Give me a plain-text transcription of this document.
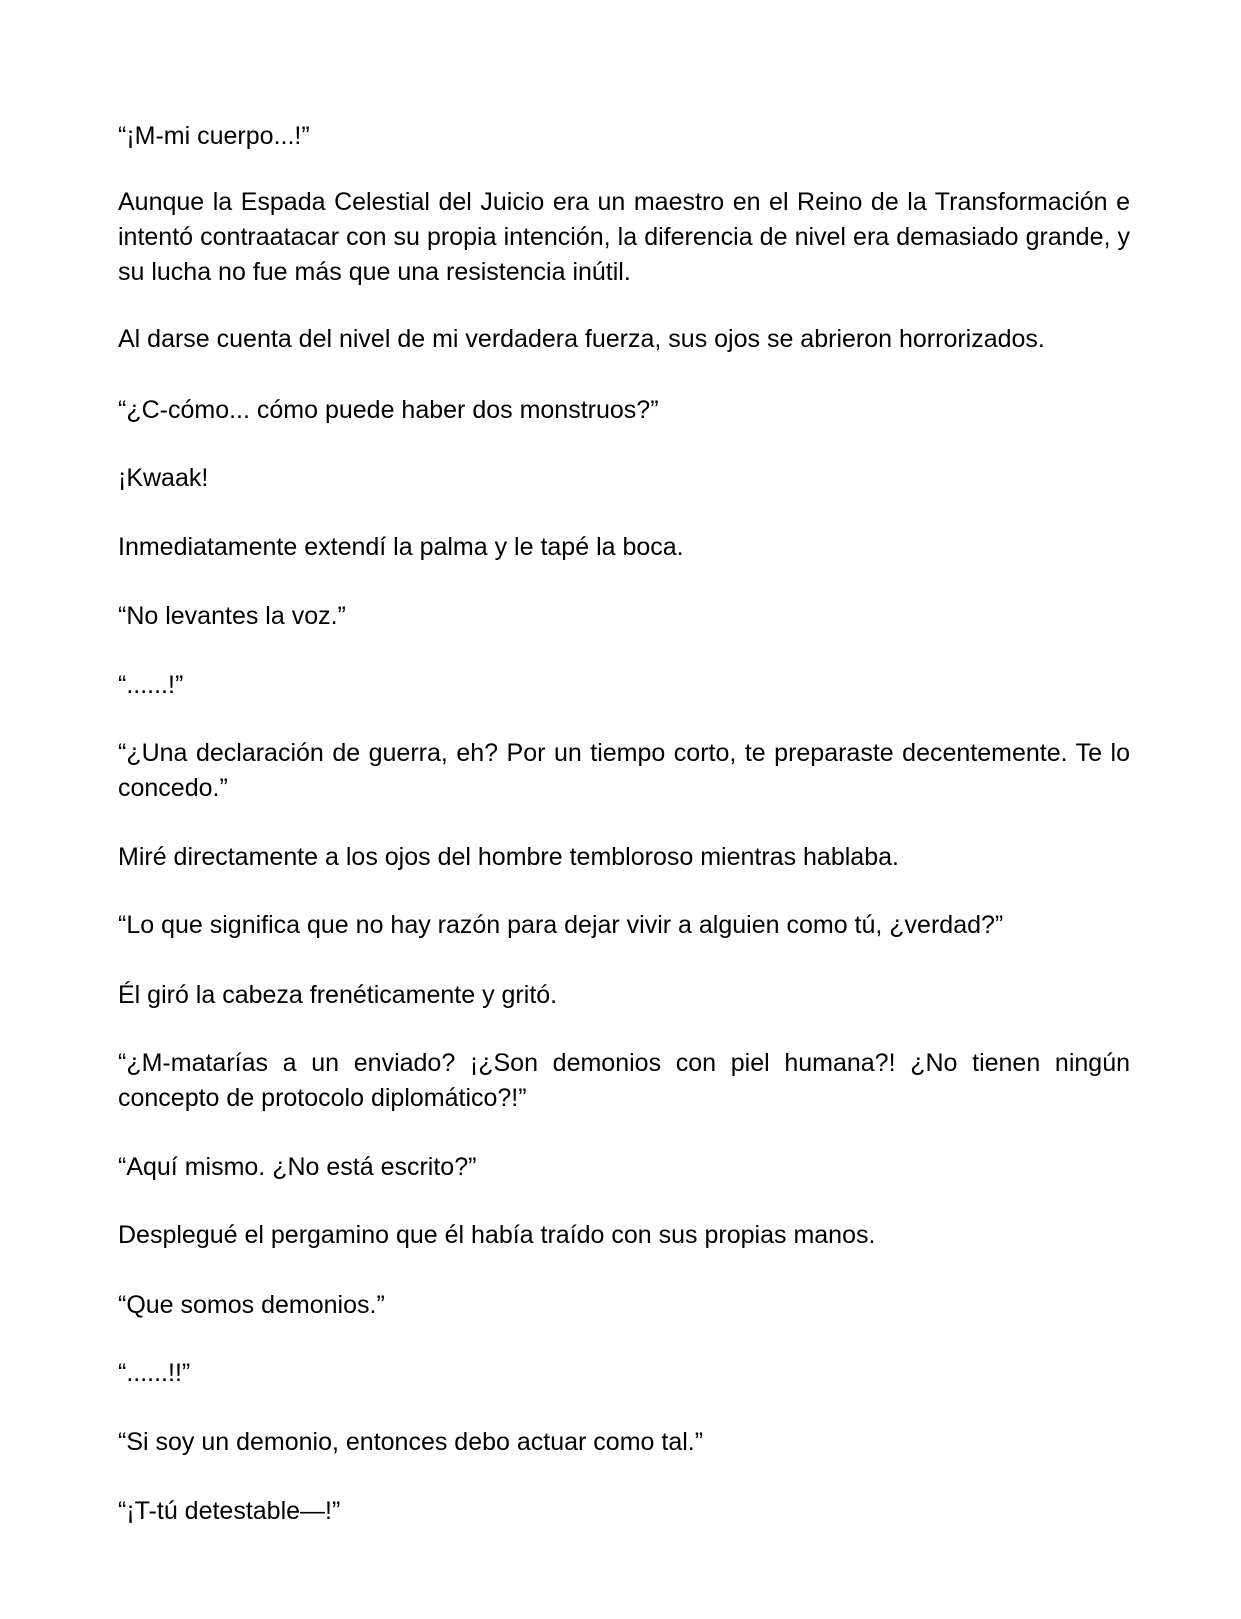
“¡M-mi cuerpo...!”

Aunque la Espada Celestial del Juicio era un maestro en el Reino de la Transformación e intentó contraatacar con su propia intención, la diferencia de nivel era demasiado grande, y su lucha no fue más que una resistencia inútil.

Al darse cuenta del nivel de mi verdadera fuerza, sus ojos se abrieron horrorizados.

“¿C-cómo... cómo puede haber dos monstruos?”

¡Kwaak!

Inmediatamente extendí la palma y le tapé la boca.

“No levantes la voz.”

“......!”

“¿Una declaración de guerra, eh? Por un tiempo corto, te preparaste decentemente. Te lo concedo.”

Miré directamente a los ojos del hombre tembloroso mientras hablaba.

“Lo que significa que no hay razón para dejar vivir a alguien como tú, ¿verdad?”

Él giró la cabeza frenéticamente y gritó.

“¿M-matarías a un enviado? ¡¿Son demonios con piel humana?! ¿No tienen ningún concepto de protocolo diplomático?!”

“Aquí mismo. ¿No está escrito?”

Desplegué el pergamino que él había traído con sus propias manos.

“Que somos demonios.”

“......!!”

“Si soy un demonio, entonces debo actuar como tal.”

“¡T-tú detestable—!”
